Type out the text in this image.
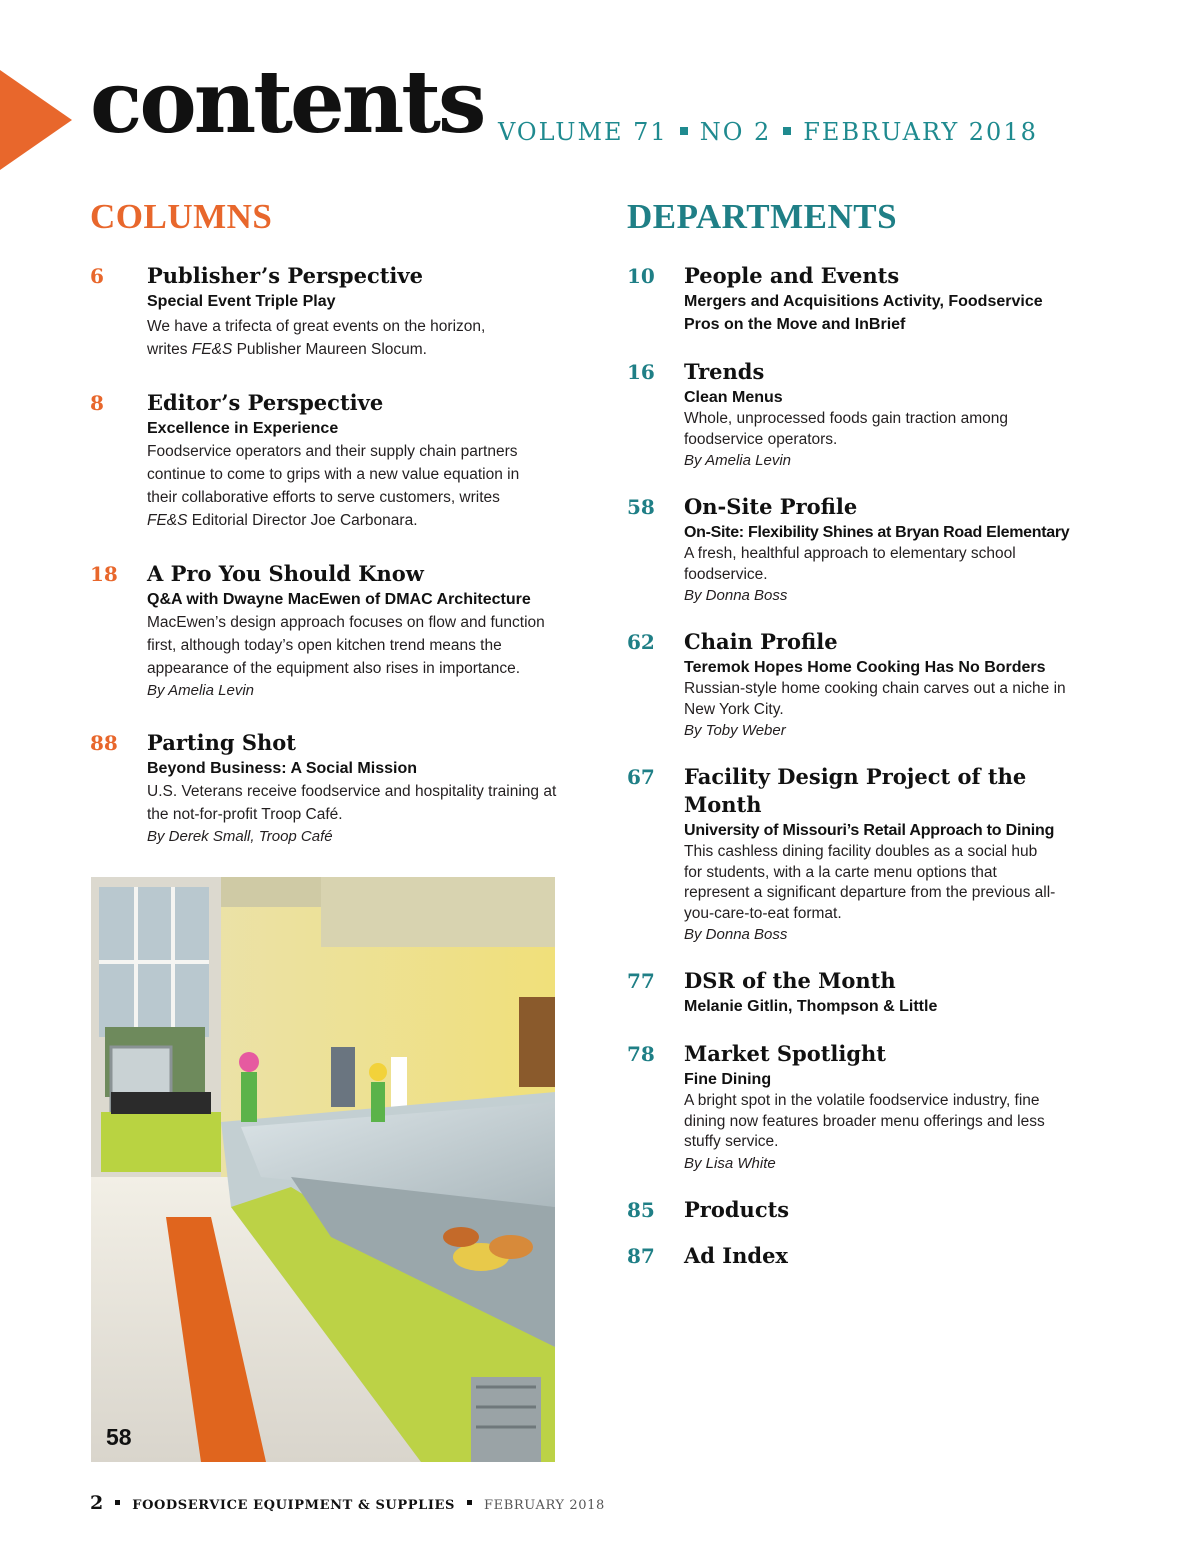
contents VOLUME 71 NO 2 FEBRUARY 2018
COLUMNS
6 Publisher’s Perspective
Special Event Triple Play
We have a trifecta of great events on the horizon,
writes FE&S Publisher Maureen Slocum.
8 Editor’s Perspective
Excellence in Experience
Foodservice operators and their supply chain partners continue to come to grips with a new value equation in their collaborative efforts to serve customers, writes
FE&S Editorial Director Joe Carbonara.
18 A Pro You Should Know
Q&A with Dwayne MacEwen of DMAC Architecture
MacEwen’s design approach focuses on flow and function first, although today’s open kitchen trend means the appearance of the equipment also rises in importance.
By Amelia Levin
88 Parting Shot
Beyond Business: A Social Mission
U.S. Veterans receive foodservice and hospitality training at the not-for-profit Troop Café.
By Derek Small, Troop Café
DEPARTMENTS
10 People and Events
Mergers and Acquisitions Activity, Foodservice Pros on the Move and InBrief
16 Trends
Clean Menus
Whole, unprocessed foods gain traction among foodservice operators.
By Amelia Levin
58 On-Site Profile
On-Site: Flexibility Shines at Bryan Road Elementary
A fresh, healthful approach to elementary school foodservice.
By Donna Boss
62 Chain Profile
Teremok Hopes Home Cooking Has No Borders
Russian-style home cooking chain carves out a niche in New York City.
By Toby Weber
67 Facility Design Project of the Month
University of Missouri’s Retail Approach to Dining
This cashless dining facility doubles as a social hub for students, with a la carte menu options that represent a significant departure from the previous all-you-care-to-eat format.
By Donna Boss
77 DSR of the Month
Melanie Gitlin, Thompson & Little
78 Market Spotlight
Fine Dining
A bright spot in the volatile foodservice industry, fine dining now features broader menu offerings and less stuffy service.
By Lisa White
85 Products
87 Ad Index
58
2 FOODSERVICE EQUIPMENT & SUPPLIES FEBRUARY 2018
